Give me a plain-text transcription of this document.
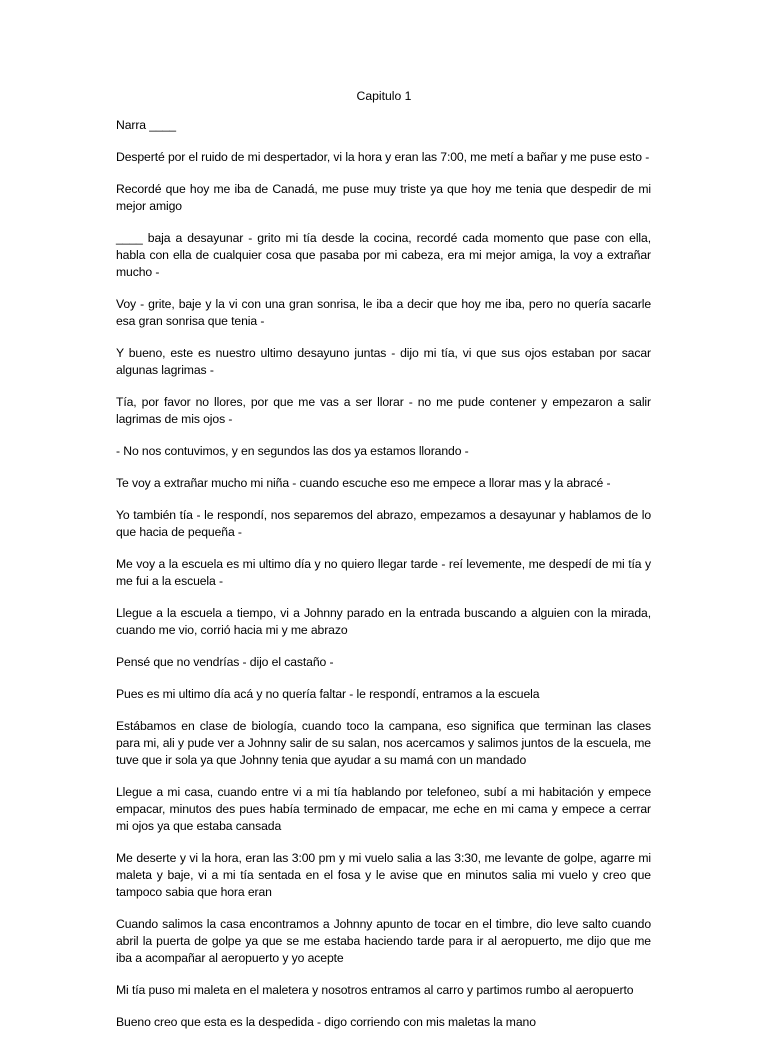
Capitulo 1

Narra ____

Desperté por el ruido de mi despertador, vi la hora y eran las 7:00, me metí a bañar y me puse esto -

Recordé que hoy me iba de Canadá, me puse muy triste ya que hoy me tenia que despedir de mi mejor amigo

____ baja a desayunar - grito mi tía desde la cocina, recordé cada momento que pase con ella, habla con ella de cualquier cosa que pasaba por mi cabeza, era mi mejor amiga, la voy a extrañar mucho -

Voy - grite, baje y la vi con una gran sonrisa, le iba a decir que hoy me iba, pero no quería sacarle esa gran sonrisa que tenia -

Y bueno, este es nuestro ultimo desayuno juntas - dijo mi tía, vi que sus ojos estaban por sacar algunas lagrimas -

Tía, por favor no llores, por que me vas a ser llorar - no me pude contener y empezaron a salir lagrimas de mis ojos -

- No nos contuvimos, y en segundos las dos ya estamos llorando -

Te voy a extrañar mucho mi niña - cuando escuche eso me empece a llorar mas y la abracé -

Yo también tía - le respondí, nos separemos del abrazo, empezamos a desayunar y hablamos de lo que hacia de pequeña -

Me voy a la escuela es mi ultimo día y no quiero llegar tarde - reí levemente, me despedí de mi tía y me fui a la escuela -

Llegue a la escuela a tiempo, vi a Johnny parado en la entrada buscando a alguien con la mirada, cuando me vio, corrió hacia mi y me abrazo

Pensé que no vendrías - dijo el castaño -

Pues es mi ultimo día acá y no quería faltar - le respondí, entramos a la escuela

Estábamos en clase de biología, cuando toco la campana, eso significa que terminan las clases para mi, ali y pude ver a Johnny salir de su salan, nos acercamos y salimos juntos de la escuela, me tuve que ir sola ya que Johnny tenia que ayudar a su mamá con un mandado

Llegue a mi casa, cuando entre vi a mi tía hablando por telefoneo, subí a mi habitación y empece empacar, minutos des pues había terminado de empacar, me eche en mi cama y empece a cerrar mi ojos ya que estaba cansada

Me deserte y vi la hora, eran las 3:00 pm y mi vuelo salia a las 3:30, me levante de golpe, agarre mi maleta y baje, vi a mi tía sentada en el fosa y le avise que en minutos salia mi vuelo y creo que tampoco sabia que hora eran

Cuando salimos la casa encontramos a Johnny apunto de tocar en el timbre, dio leve salto cuando abril la puerta de golpe ya que se me estaba haciendo tarde para ir al aeropuerto, me dijo que me iba a acompañar al aeropuerto y yo acepte

Mi tía puso mi maleta en el maletera y nosotros entramos al carro y partimos rumbo al aeropuerto

Bueno creo que esta es la despedida - digo corriendo con mis maletas la mano
